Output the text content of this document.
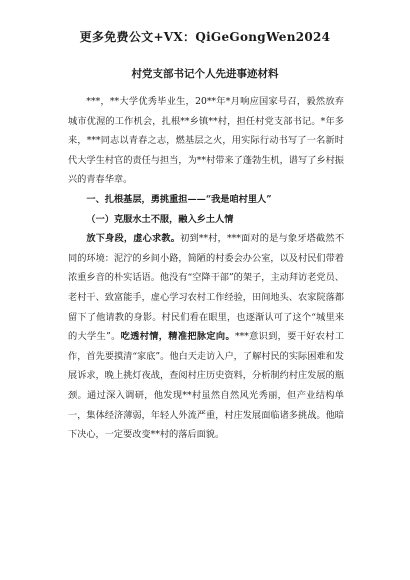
更多免费公文+VX：QiGeGongWen2024
村党支部书记个人先进事迹材料

***，**大学优秀毕业生，20**年*月响应国家号召，毅然放弃城市优渥的工作机会，扎根**乡镇**村，担任村党支部书记。*年多来，***同志以青春之志，燃基层之火，用实际行动书写了一名新时代大学生村官的责任与担当，为**村带来了蓬勃生机，谱写了乡村振兴的青春华章。

一、扎根基层，勇挑重担——“我是咱村里人”

（一）克服水土不服，融入乡土人情

放下身段，虚心求教。初到**村，***面对的是与象牙塔截然不同的环境：泥泞的乡间小路，简陋的村委会办公室，以及村民们带着浓重乡音的朴实话语。他没有“空降干部”的架子，主动拜访老党员、老村干、致富能手，虚心学习农村工作经验，田间地头、农家院落都留下了他请教的身影。村民们看在眼里，也逐渐认可了这个“城里来的大学生”。吃透村情，精准把脉定向。***意识到，要干好农村工作，首先要摸清“家底”。他白天走访入户，了解村民的实际困难和发展诉求，晚上挑灯夜战，查阅村庄历史资料，分析制约村庄发展的瓶颈。通过深入调研，他发现**村虽然自然风光秀丽，但产业结构单一，集体经济薄弱，年轻人外流严重，村庄发展面临诸多挑战。他暗下决心，一定要改变**村的落后面貌。
